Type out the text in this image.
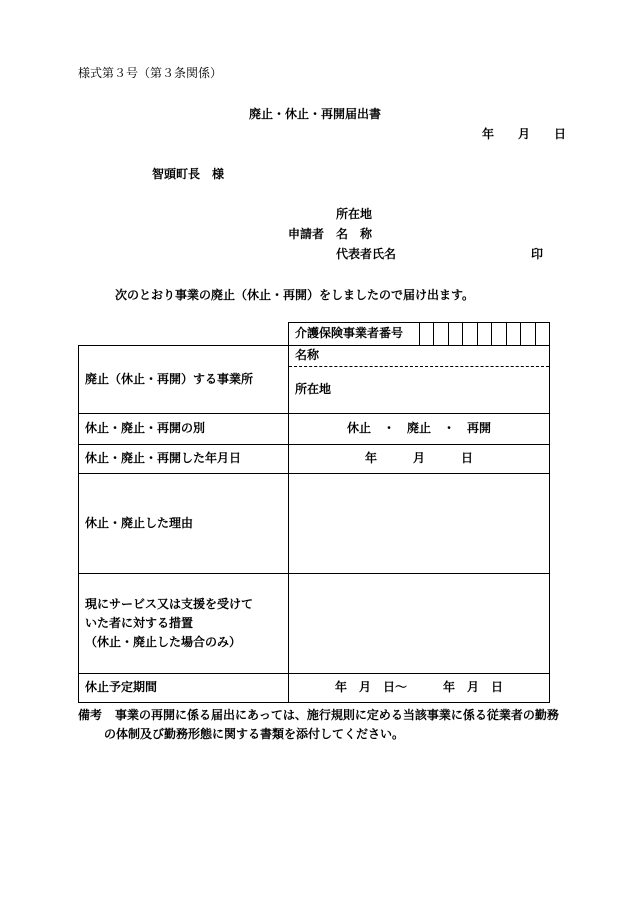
様式第３号（第３条関係）
廃止・休止・再開届出書
年　　月　　日
智頭町長　様
所在地
申請者 名　称
代表者氏名	印
次のとおり事業の廃止（休止・再開）をしましたので届け出ます。

介護保険事業者番号

廃止（休止・再開）する事業所	名称
所在地

休止・廃止・再開の別	休止　・　廃止　・　再開
休止・廃止・再開した年月日	年　　　月　　　日
休止・廃止した理由	

現にサービス又は支援を受けて
いた者に対する措置
（休止・廃止した場合のみ）	

休止予定期間	年　月　日～　　　年　月　日
備考 事業の再開に係る届出にあっては、施行規則に定める当該事業に係る従業者の勤務
の体制及び勤務形態に関する書類を添付してください。
